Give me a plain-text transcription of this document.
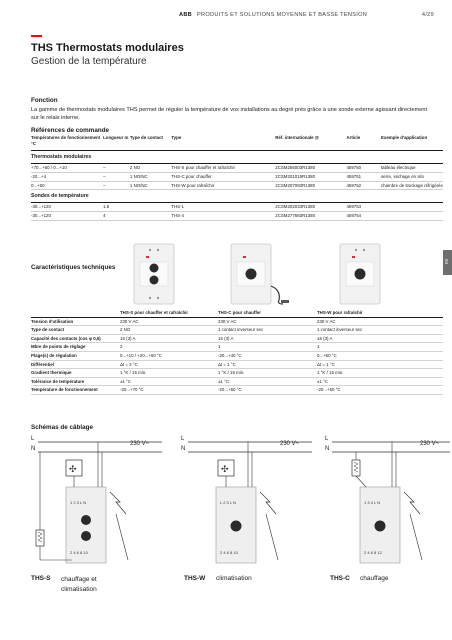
ABB PRODUITS ET SOLUTIONS MOYENNE ET BASSE TENSION	4/29
THS Thermostats modulaires
Gestion de la température
Fonction
La gamme de thermostats modulaires THS permet de réguler la température de vos installations au degré près grâce à une sonde externe agissant directement sur le relais interne.
Références de commande
Températures de fonctionnement °C	Longueur m	Type de contact	Type	Réf. internationale @	Article	Exemple d'application
Thermostats modulaires						
+70...+60 / 0...+10	–	2 NO	THS-S pour chauffer et rafraîchir	2CSM256003R1380	459750	tableau électrique
-20...+4	–	1 NO/NC	THS-C pour chauffer	2CSM201019R1380	459751	serre, séchage en silo
0...+60	–	1 NO/NC	THS-W pour rafraîchir	2CSM207083R1380	459752	chambre de stockage réfrigérée
Sondes de température						
-30...+120	1.5		THS-1	2CSM202033R1380	459753	
-30...+120	4		THS-4	2CSM277683R1380	459754	
04
Caractéristiques techniques
	THS-S pour chauffer et rafraîchir	THS-C pour chauffer	THS-W pour rafraîchir
Tension d'utilisation	230 V AC	230 V AC	230 V AC
Type de contact	2 NO	1 contact inverseur sec	1 contact inverseur sec
Capacité des contacts (cos φ 0,6)	16 (3) A	16 (3) A	16 (3) A
Mbre de points de réglage	2	1	1
Plage(s) de régulation	0...+10 / +20...+60 °C	-20...+40 °C	0...+60 °C
Différentiel	Δt = 2 °C	Δt = 1 °C	Δt = 1 °C
Gradient thermique	1 °K / 15 min.	1 °K / 15 min.	1 °K / 15 min.
Tolérance de température	±1 °C	±1 °C	±1 °C
Température de fonctionnement	-20...+70 °C	-20...+50 °C	-20...+50 °C
Schémas de câblage
L
N
230 V~
1 2 3 L N
2 4 6 8 10
✣
L
N
230 V~
L 2 3 L N
2 4 6 8 10
✣
L
N
230 V~
1 3 4 L N
2 4 6 8 12
THS-S chauffage et climatisation
THS-W climatisation	THS-C chauffage
